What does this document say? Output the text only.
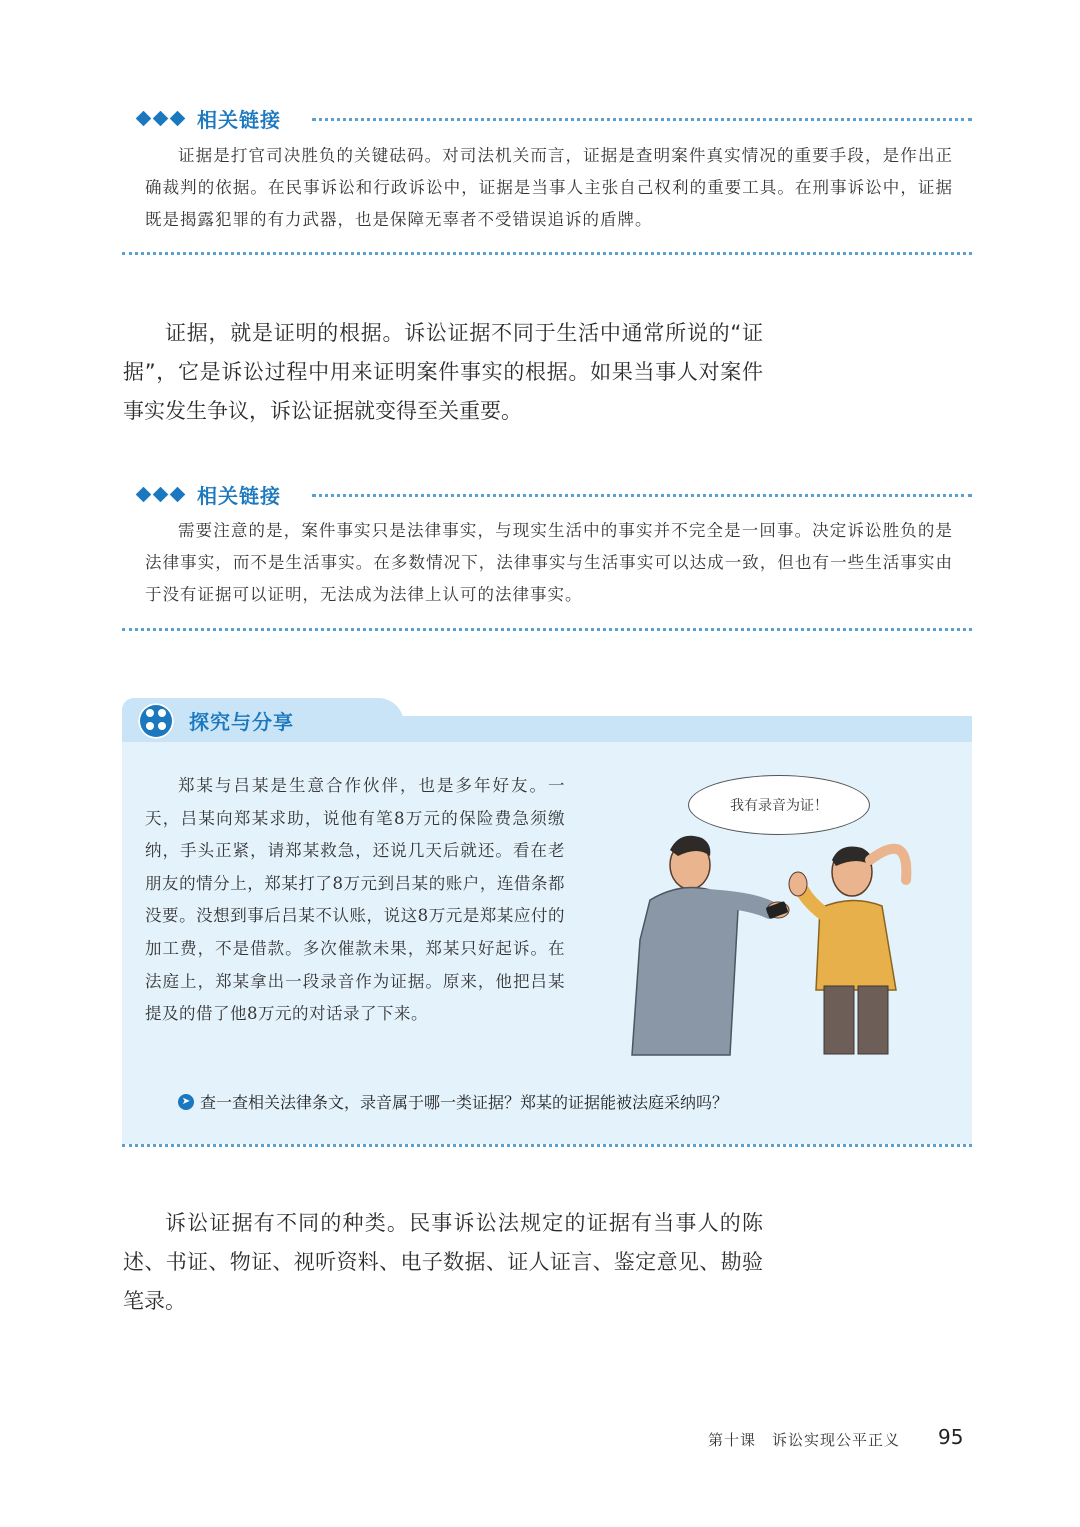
相关链接
证据是打官司决胜负的关键砝码。对司法机关而言，证据是查明案件真实情况的重要手段，是作出正确裁判的依据。在民事诉讼和行政诉讼中，证据是当事人主张自己权利的重要工具。在刑事诉讼中，证据既是揭露犯罪的有力武器，也是保障无辜者不受错误追诉的盾牌。
证据，就是证明的根据。诉讼证据不同于生活中通常所说的“证据”，它是诉讼过程中用来证明案件事实的根据。如果当事人对案件事实发生争议，诉讼证据就变得至关重要。
相关链接
需要注意的是，案件事实只是法律事实，与现实生活中的事实并不完全是一回事。决定诉讼胜负的是法律事实，而不是生活事实。在多数情况下，法律事实与生活事实可以达成一致，但也有一些生活事实由于没有证据可以证明，无法成为法律上认可的法律事实。
探究与分享
郑某与吕某是生意合作伙伴，也是多年好友。一天，吕某向郑某求助，说他有笔8万元的保险费急须缴纳，手头正紧，请郑某救急，还说几天后就还。看在老朋友的情分上，郑某打了8万元到吕某的账户，连借条都没要。没想到事后吕某不认账，说这8万元是郑某应付的加工费，不是借款。多次催款未果，郑某只好起诉。在法庭上，郑某拿出一段录音作为证据。原来，他把吕某提及的借了他8万元的对话录了下来。
我有录音为证！
➤ 查一查相关法律条文，录音属于哪一类证据？郑某的证据能被法庭采纳吗？
诉讼证据有不同的种类。民事诉讼法规定的证据有当事人的陈述、书证、物证、视听资料、电子数据、证人证言、鉴定意见、勘验笔录。
第十课　诉讼实现公平正义 95
